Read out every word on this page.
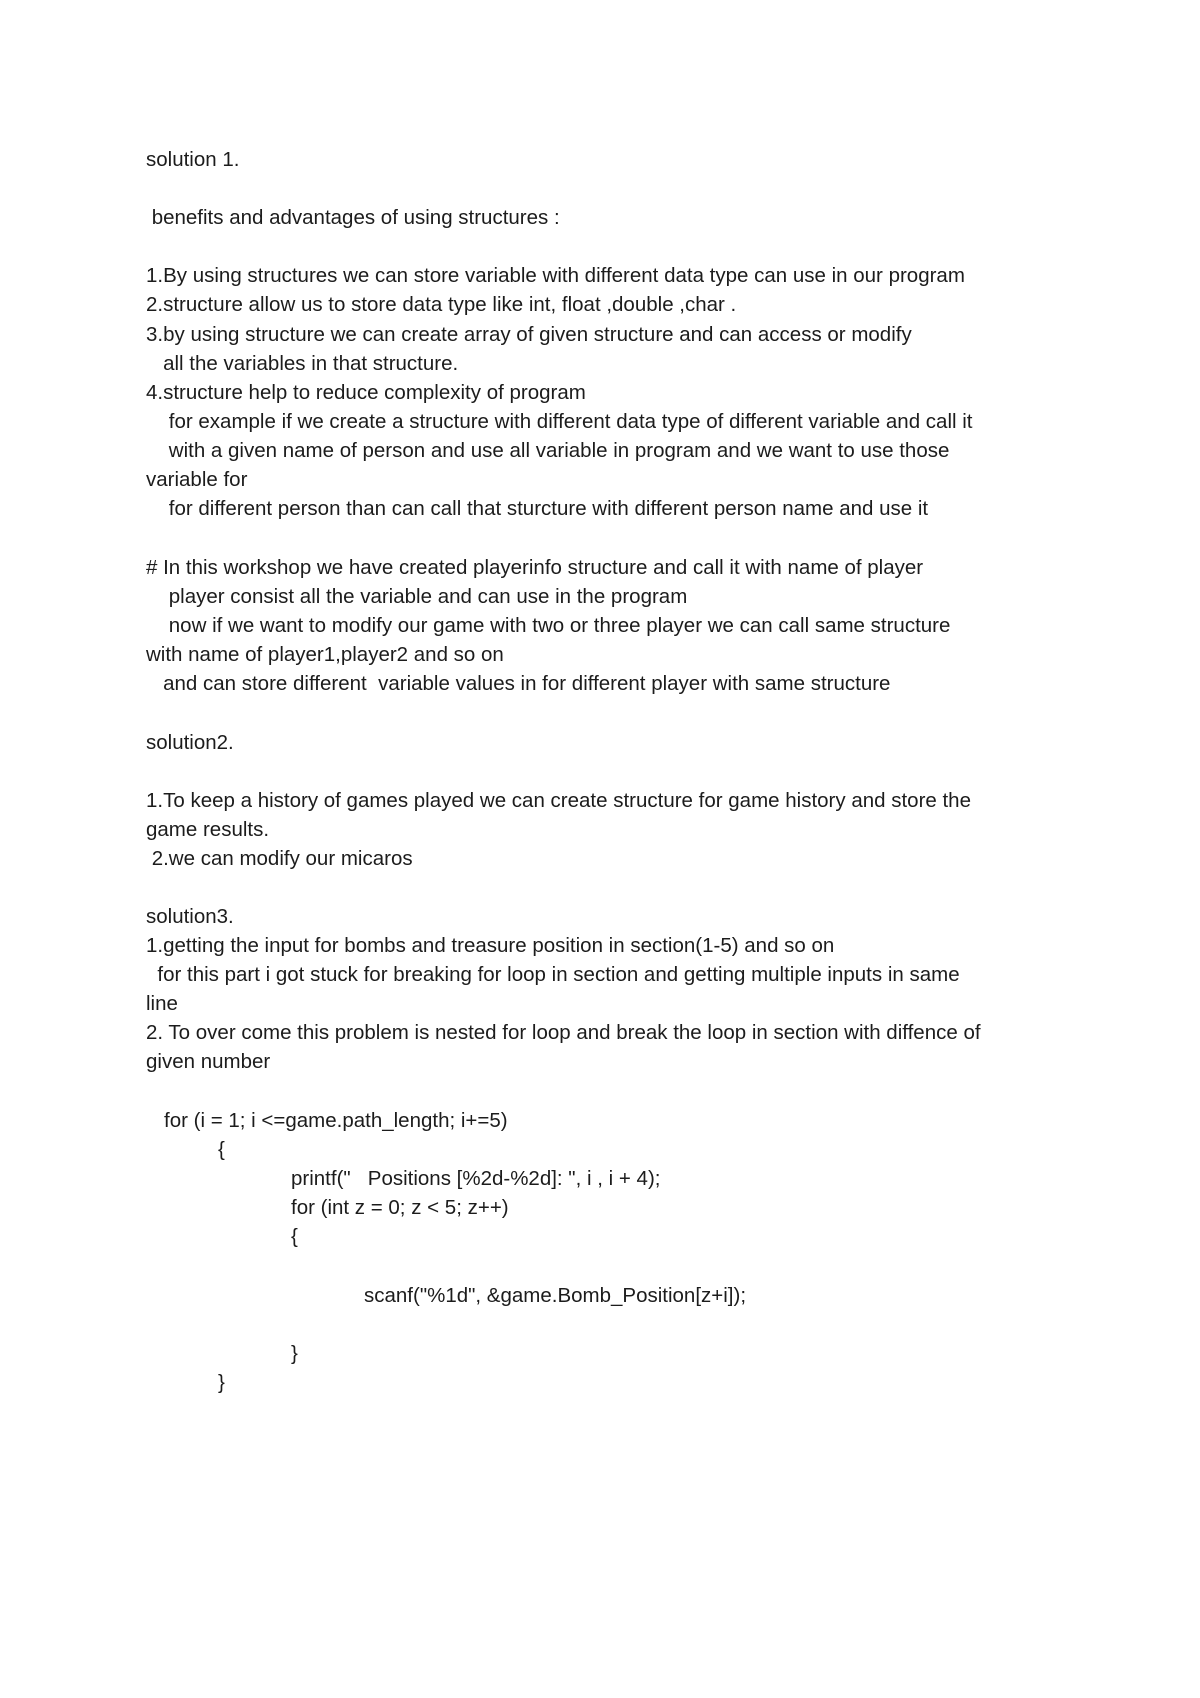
solution 1.

benefits and advantages of using structures :

1.By using structures we can store variable with different data type can use in our program

2.structure allow us to store data type like int, float ,double ,char .

3.by using structure we can create array of given structure and can access or modify

all the variables in that structure.

4.structure help to reduce complexity of program

for example if we create a structure with different data type of different variable and call it

with a given name of person and use all variable in program and we want to use those

variable for

for different person than can call that sturcture with different person name and use it

# In this workshop we have created playerinfo structure and call it with name of player

player consist all the variable and can use in the program

now if we want to modify our game with two or three player we can call same structure

with name of player1,player2 and so on

and can store different  variable values in for different player with same structure

solution2.

1.To keep a history of games played we can create structure for game history and store the

game results.

2.we can modify our micaros

solution3.

1.getting the input for bombs and treasure position in section(1-5) and so on

for this part i got stuck for breaking for loop in section and getting multiple inputs in same

line

2. To over come this problem is nested for loop and break the loop in section with diffence of

given number

for (i = 1; i <=game.path_length; i+=5)

{

printf("   Positions [%2d-%2d]: ", i , i + 4);

for (int z = 0; z < 5; z++)

{

scanf("%1d", &game.Bomb_Position[z+i]);

}

}
